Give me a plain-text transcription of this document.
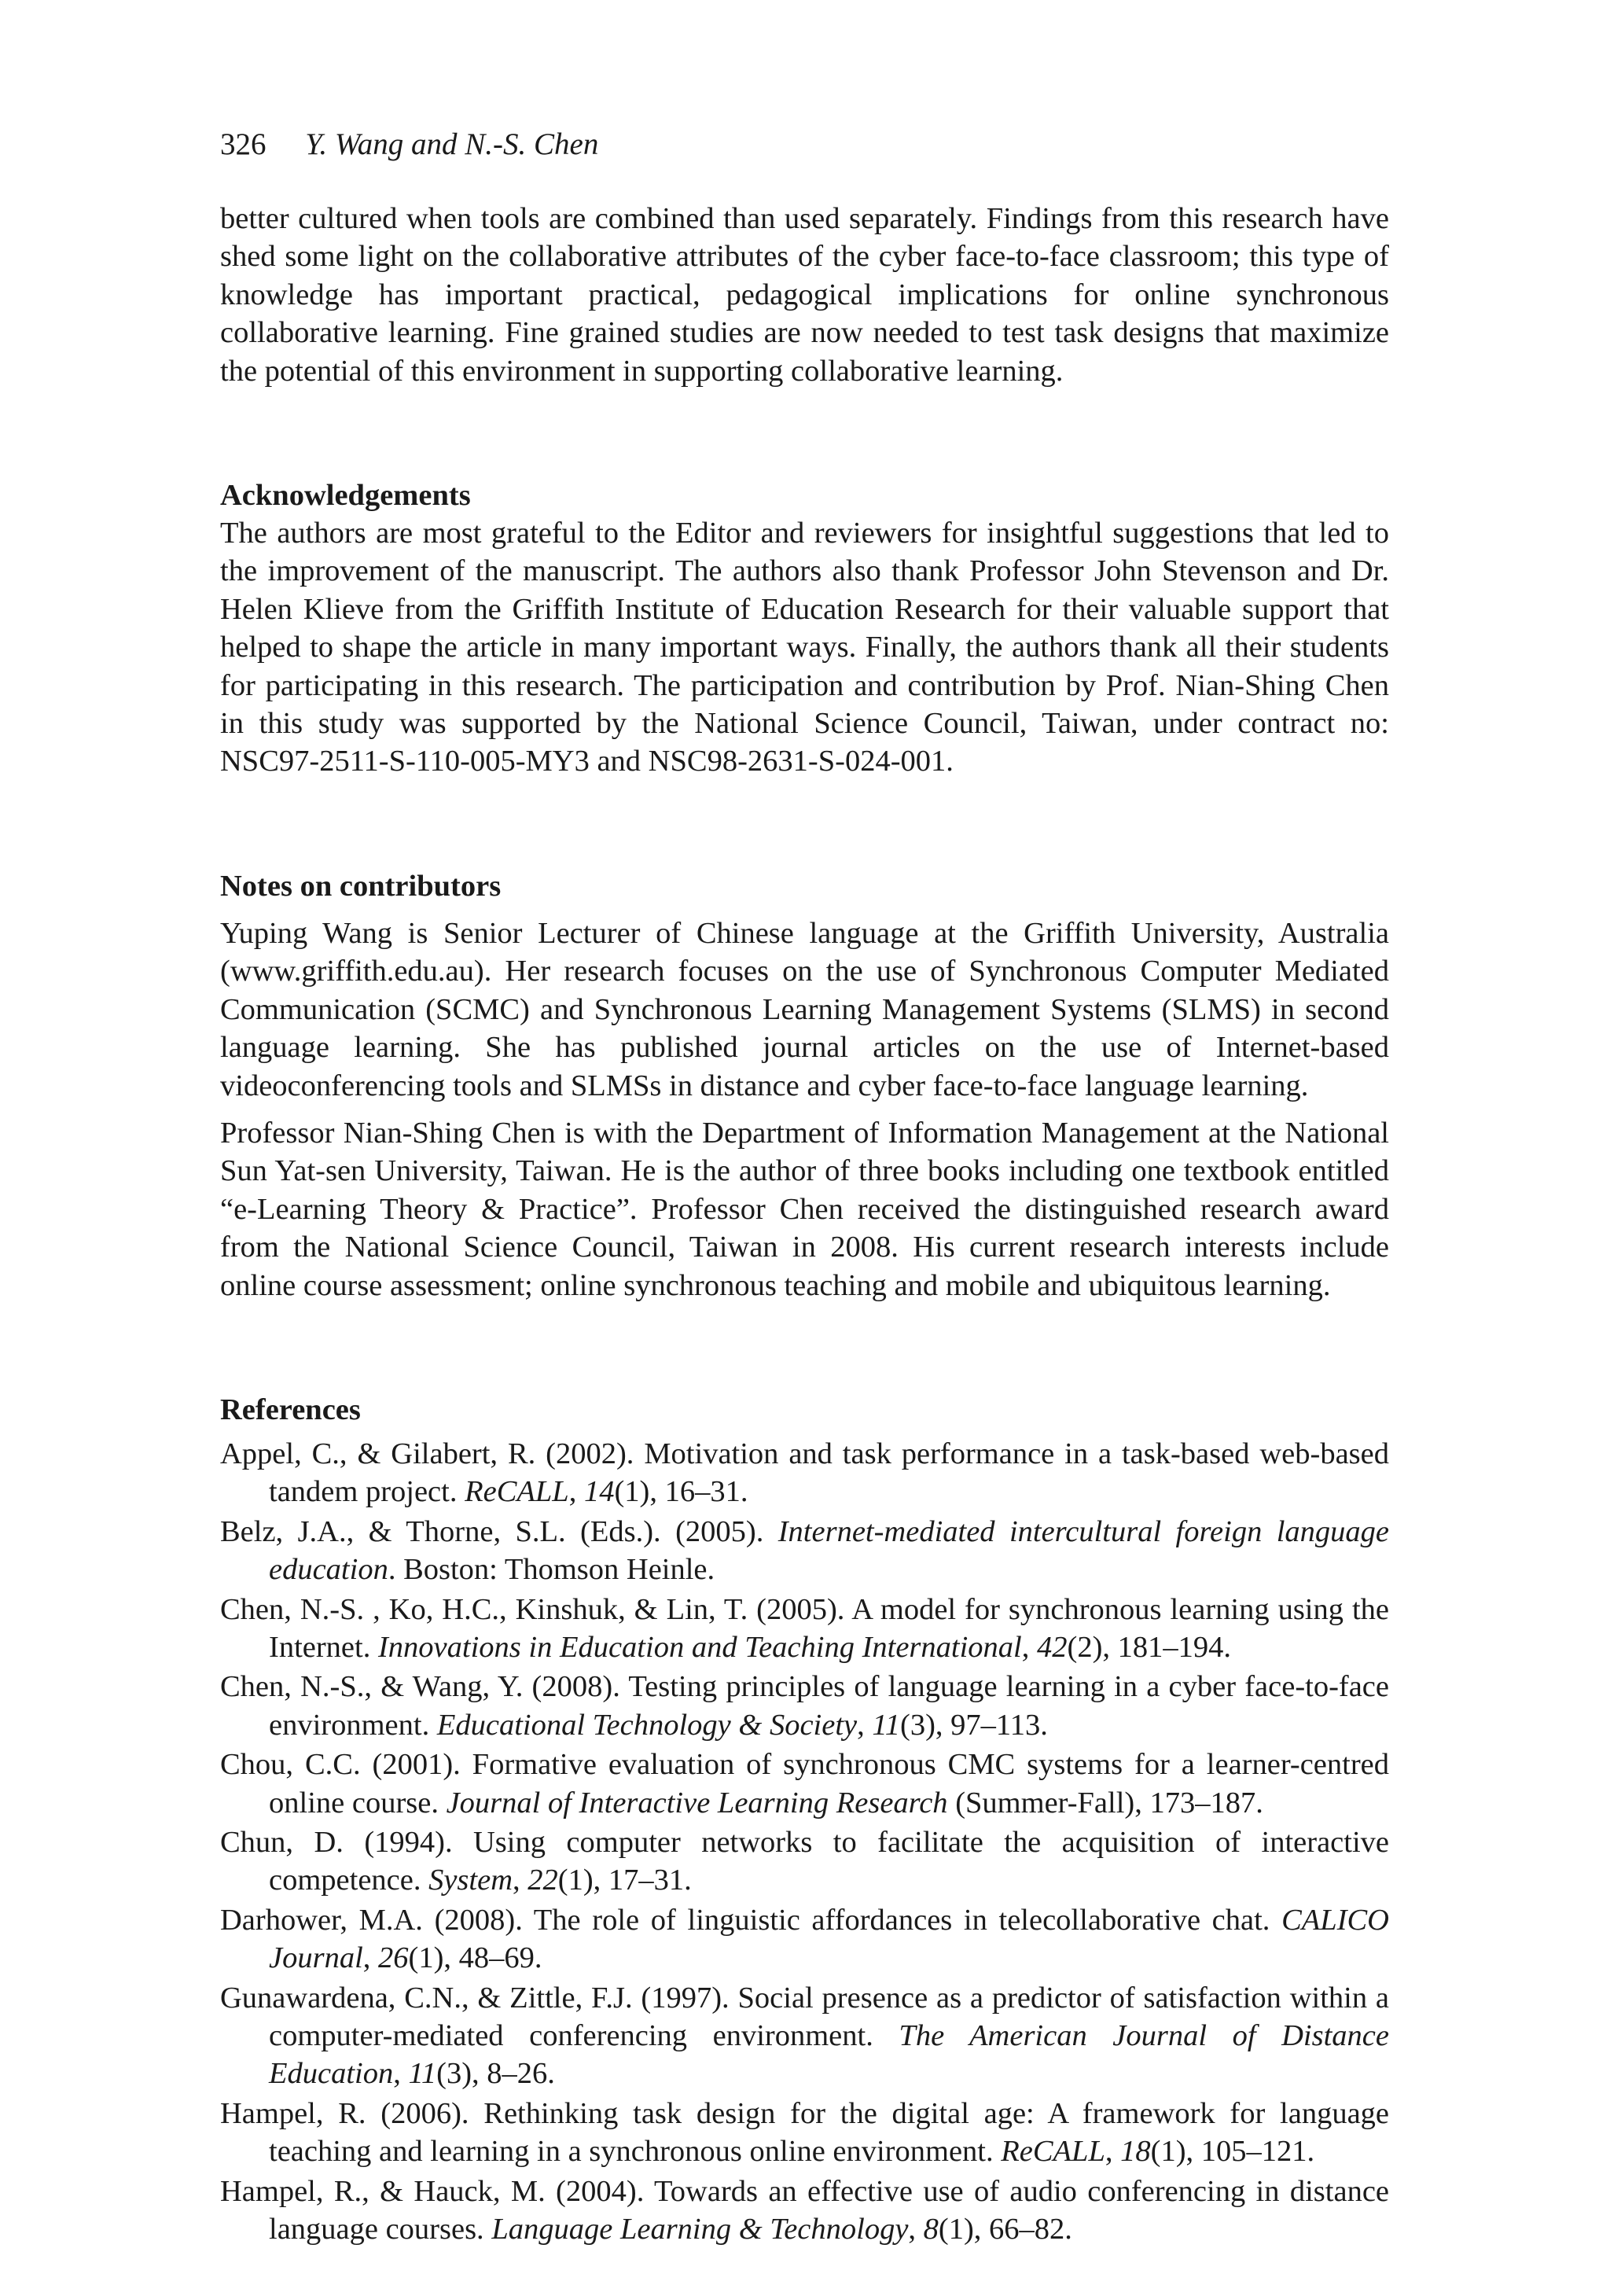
326 Y. Wang and N.-S. Chen

better cultured when tools are combined than used separately. Findings from this research have shed some light on the collaborative attributes of the cyber face-to-face classroom; this type of knowledge has important practical, pedagogical implications for online synchronous collaborative learning. Fine grained studies are now needed to test task designs that maximize the potential of this environment in supporting collaborative learning.

Acknowledgements

The authors are most grateful to the Editor and reviewers for insightful suggestions that led to the improvement of the manuscript. The authors also thank Professor John Stevenson and Dr. Helen Klieve from the Griffith Institute of Education Research for their valuable support that helped to shape the article in many important ways. Finally, the authors thank all their students for participating in this research. The participation and contribution by Prof. Nian-Shing Chen in this study was supported by the National Science Council, Taiwan, under contract no: NSC97-2511-S-110-005-MY3 and NSC98-2631-S-024-001.

Notes on contributors

Yuping Wang is Senior Lecturer of Chinese language at the Griffith University, Australia (www.griffith.edu.au). Her research focuses on the use of Synchronous Computer Mediated Communication (SCMC) and Synchronous Learning Management Systems (SLMS) in second language learning. She has published journal articles on the use of Internet-based videoconferencing tools and SLMSs in distance and cyber face-to-face language learning.

Professor Nian-Shing Chen is with the Department of Information Management at the National Sun Yat-sen University, Taiwan. He is the author of three books including one textbook entitled “e-Learning Theory & Practice”. Professor Chen received the distinguished research award from the National Science Council, Taiwan in 2008. His current research interests include online course assessment; online synchronous teaching and mobile and ubiquitous learning.

References
Appel, C., & Gilabert, R. (2002). Motivation and task performance in a task-based web-based tandem project. ReCALL, 14(1), 16–31.
Belz, J.A., & Thorne, S.L. (Eds.). (2005). Internet-mediated intercultural foreign language education. Boston: Thomson Heinle.
Chen, N.-S. , Ko, H.C., Kinshuk, & Lin, T. (2005). A model for synchronous learning using the Internet. Innovations in Education and Teaching International, 42(2), 181–194.
Chen, N.-S., & Wang, Y. (2008). Testing principles of language learning in a cyber face-to-face environment. Educational Technology & Society, 11(3), 97–113.
Chou, C.C. (2001). Formative evaluation of synchronous CMC systems for a learner-centred online course. Journal of Interactive Learning Research (Summer-Fall), 173–187.
Chun, D. (1994). Using computer networks to facilitate the acquisition of interactive competence. System, 22(1), 17–31.
Darhower, M.A. (2008). The role of linguistic affordances in telecollaborative chat. CALICO Journal, 26(1), 48–69.
Gunawardena, C.N., & Zittle, F.J. (1997). Social presence as a predictor of satisfaction within a computer-mediated conferencing environment. The American Journal of Distance Education, 11(3), 8–26.
Hampel, R. (2006). Rethinking task design for the digital age: A framework for language teaching and learning in a synchronous online environment. ReCALL, 18(1), 105–121.
Hampel, R., & Hauck, M. (2004). Towards an effective use of audio conferencing in distance language courses. Language Learning & Technology, 8(1), 66–82.
